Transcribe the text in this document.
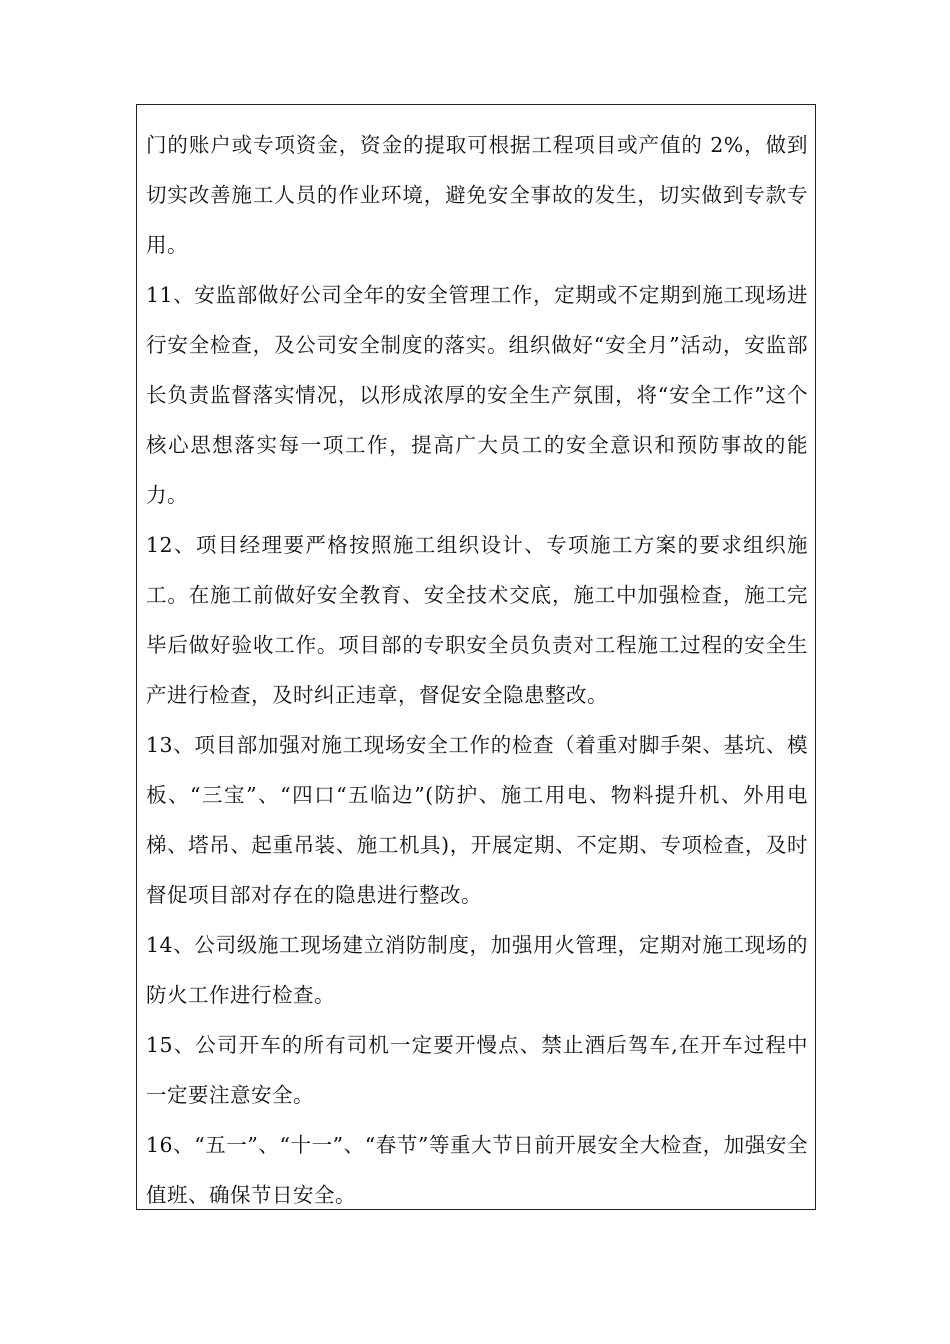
门的账户或专项资金，资金的提取可根据工程项目或产值的 2%，做到切实改善施工人员的作业环境，避免安全事故的发生，切实做到专款专用。

11、安监部做好公司全年的安全管理工作，定期或不定期到施工现场进行安全检查，及公司安全制度的落实。组织做好“安全月”活动，安监部长负责监督落实情况，以形成浓厚的安全生产氛围，将“安全工作”这个核心思想落实每一项工作，提高广大员工的安全意识和预防事故的能力。

12、项目经理要严格按照施工组织设计、专项施工方案的要求组织施工。在施工前做好安全教育、安全技术交底，施工中加强检查，施工完毕后做好验收工作。项目部的专职安全员负责对工程施工过程的安全生产进行检查，及时纠正违章，督促安全隐患整改。

13、项目部加强对施工现场安全工作的检查（着重对脚手架、基坑、模板、“三宝”、“四口“五临边”(防护、施工用电、物料提升机、外用电梯、塔吊、起重吊装、施工机具)，开展定期、不定期、专项检查，及时督促项目部对存在的隐患进行整改。

14、公司级施工现场建立消防制度，加强用火管理，定期对施工现场的防火工作进行检查。

15、公司开车的所有司机一定要开慢点、禁止酒后驾车,在开车过程中一定要注意安全。

16、“五一”、“十一”、“春节”等重大节日前开展安全大检查，加强安全值班、确保节日安全。
